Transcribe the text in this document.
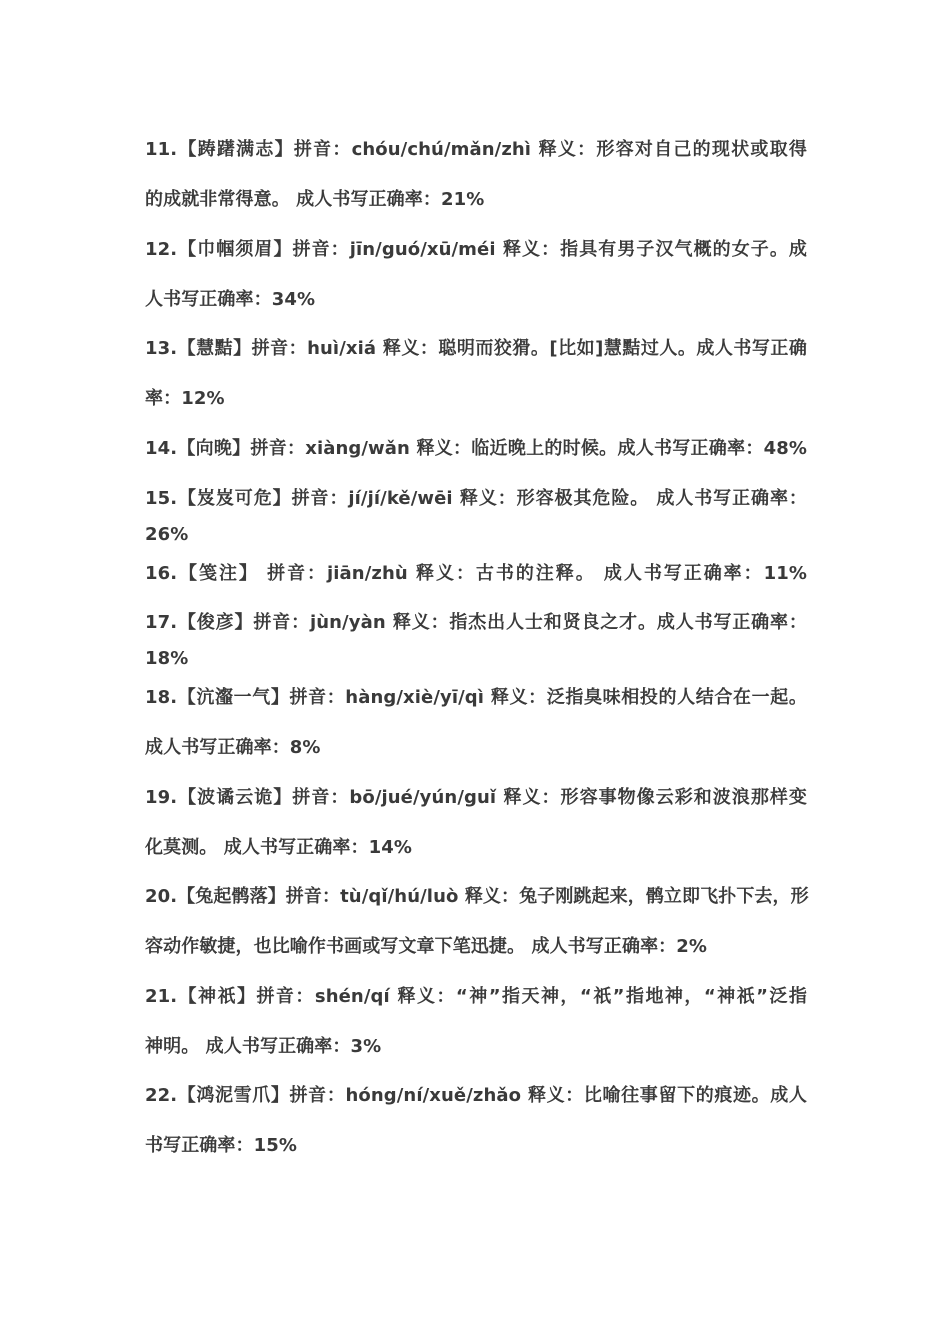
11.【踌躇满志】拼音：chóu/chú/mǎn/zhì 释义：形容对自己的现状或取得
的成就非常得意。 成人书写正确率：21%
12.【巾帼须眉】拼音：jīn/guó/xū/méi 释义：指具有男子汉气概的女子。成
人书写正确率：34%
13.【慧黠】拼音：huì/xiá 释义：聪明而狡猾。[比如]慧黠过人。成人书写正确
率：12%
14.【向晚】拼音：xiàng/wǎn 释义：临近晚上的时候。成人书写正确率：48%
15.【岌岌可危】拼音：jí/jí/kě/wēi 释义：形容极其危险。 成人书写正确率：
26%
16.【笺注】 拼音：jiān/zhù 释义：古书的注释。 成人书写正确率：11%
17.【俊彦】拼音：jùn/yàn 释义：指杰出人士和贤良之才。成人书写正确率：
18%
18.【沆瀣一气】拼音：hàng/xiè/yī/qì 释义：泛指臭味相投的人结合在一起。
成人书写正确率：8%
19.【波谲云诡】拼音：bō/jué/yún/guǐ 释义：形容事物像云彩和波浪那样变
化莫测。 成人书写正确率：14%
20.【兔起鹘落】拼音：tù/qǐ/hú/luò 释义：兔子刚跳起来，鹘立即飞扑下去，形
容动作敏捷，也比喻作书画或写文章下笔迅捷。 成人书写正确率：2%
21.【神祇】拼音：shén/qí 释义：“神”指天神，“祇”指地神，“神祇”泛指
神明。 成人书写正确率：3%
22.【鸿泥雪爪】拼音：hóng/ní/xuě/zhǎo 释义：比喻往事留下的痕迹。成人
书写正确率：15%
